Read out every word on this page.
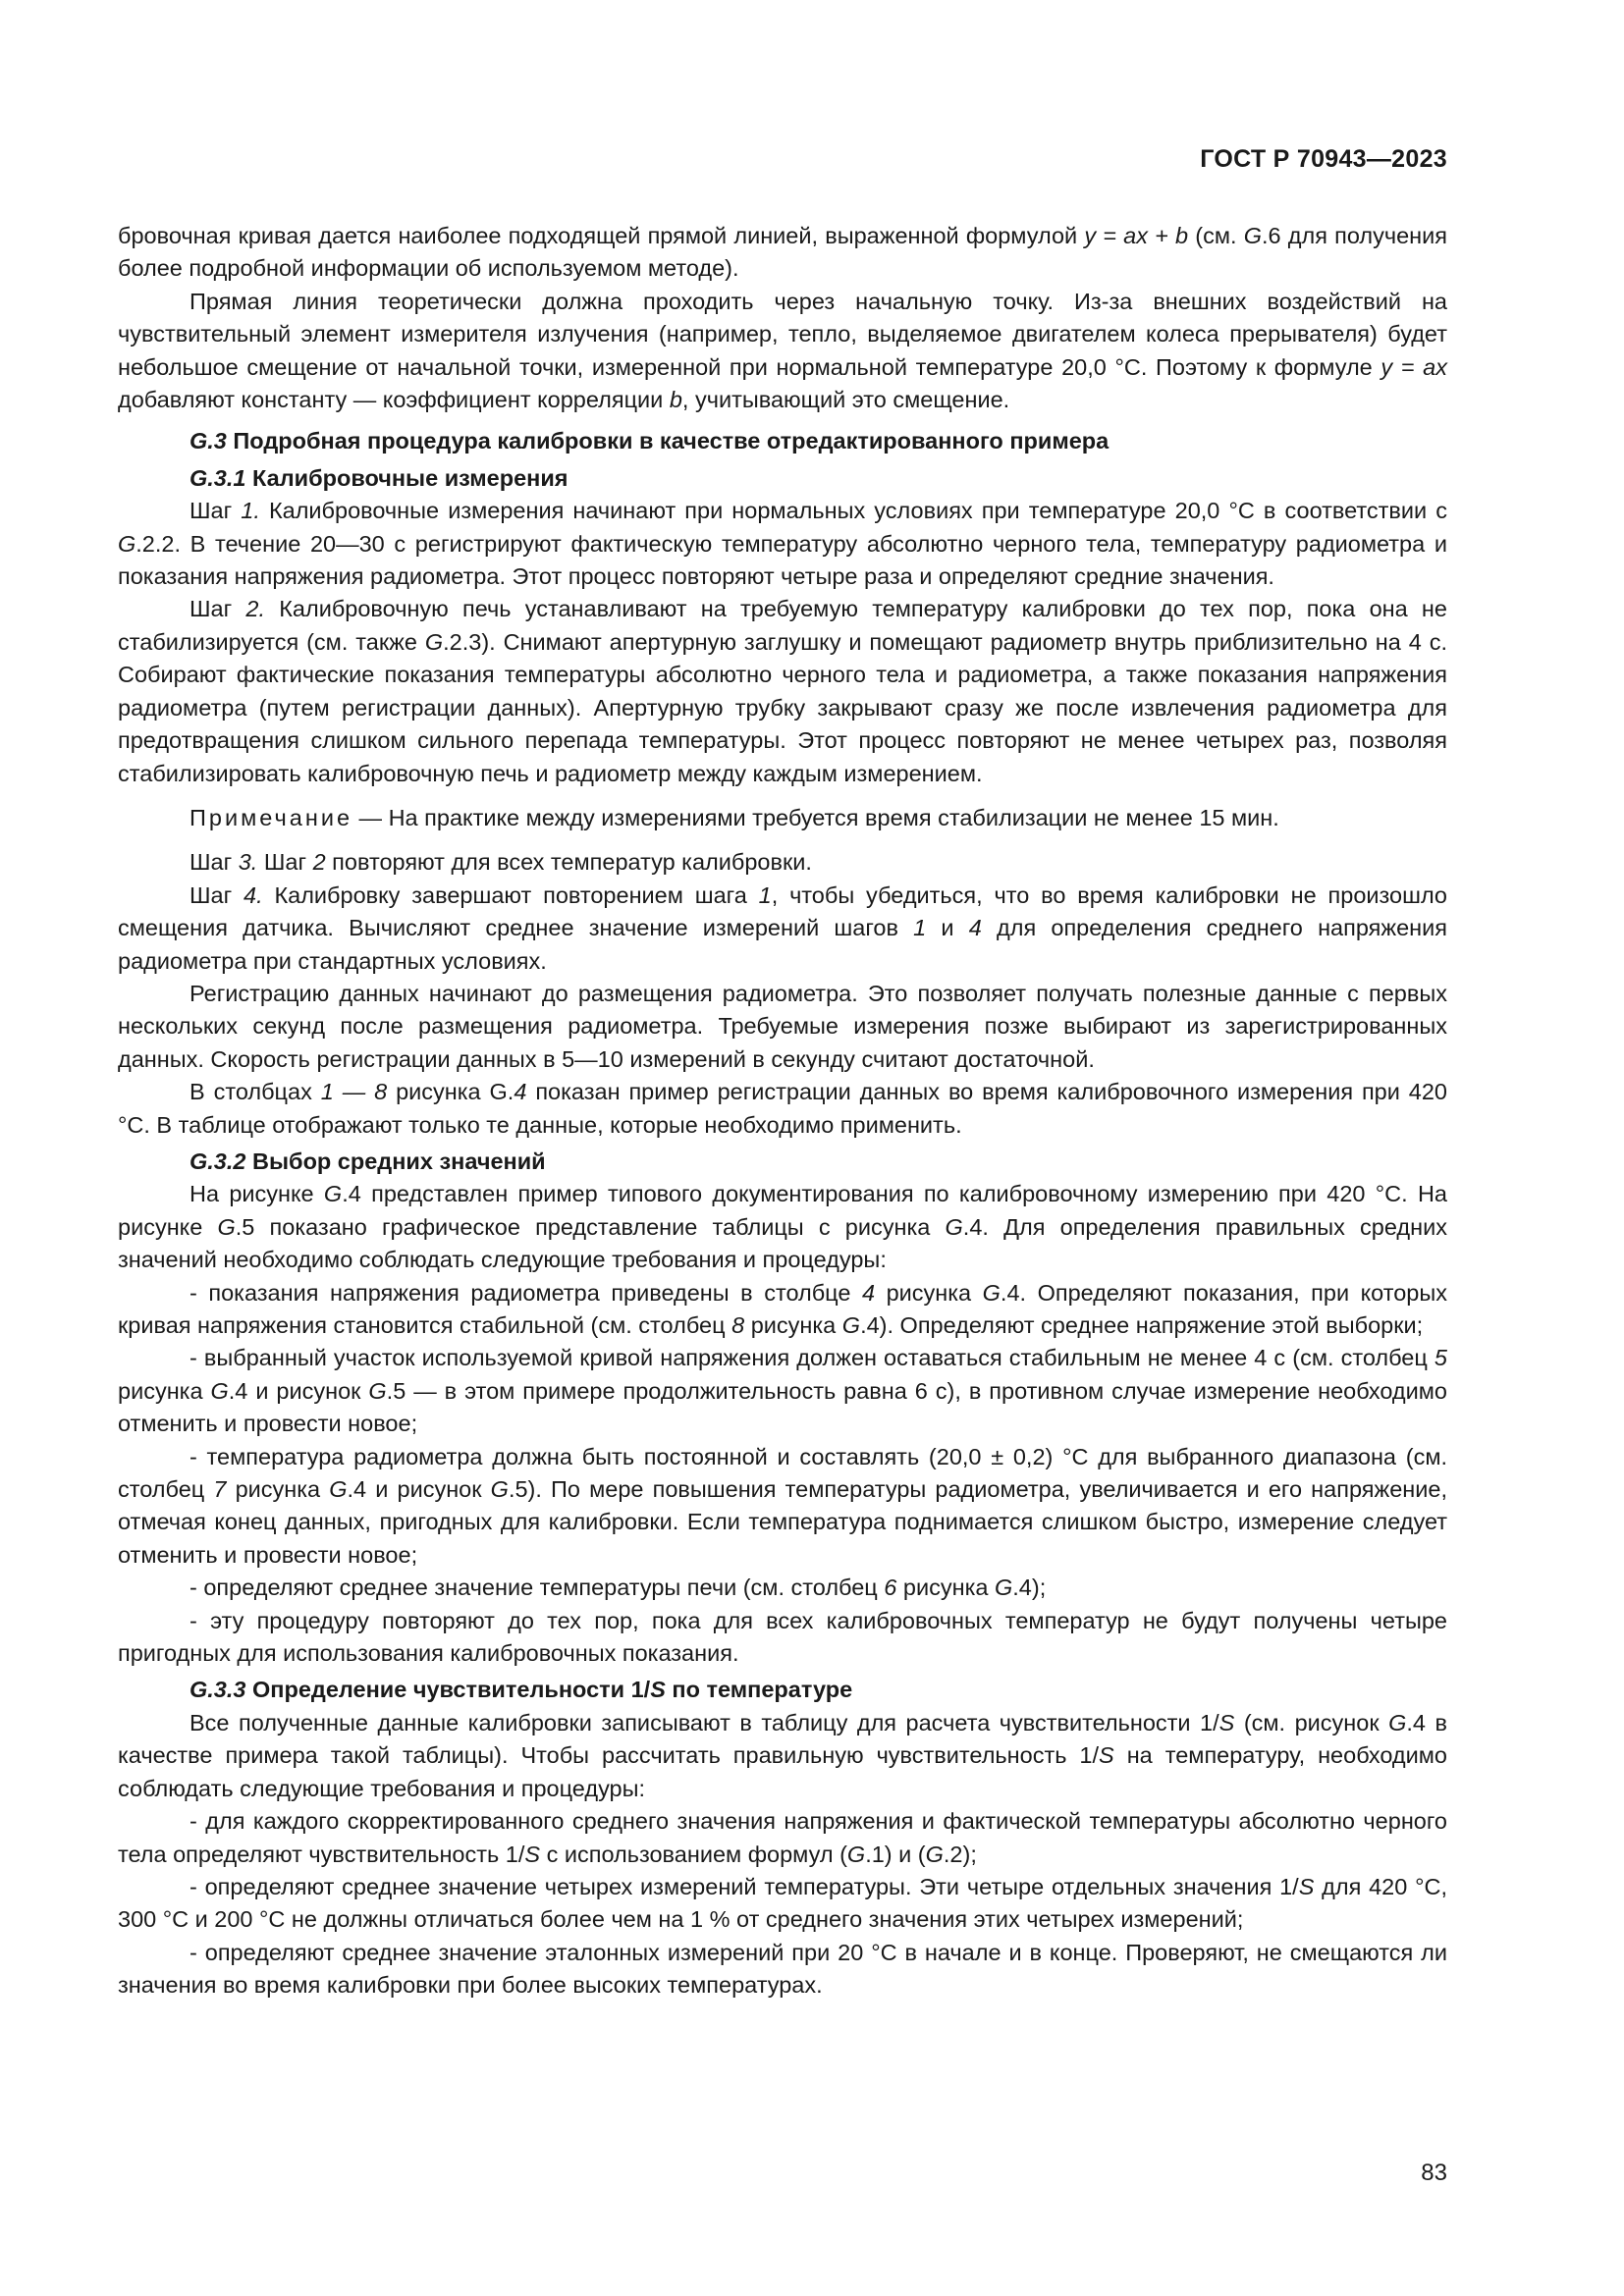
ГОСТ Р 70943—2023

бровочная кривая дается наиболее подходящей прямой линией, выраженной формулой y = ax + b (см. G.6 для получения более подробной информации об используемом методе).

Прямая линия теоретически должна проходить через начальную точку. Из-за внешних воздействий на чувствительный элемент измерителя излучения (например, тепло, выделяемое двигателем колеса прерывателя) будет небольшое смещение от начальной точки, измеренной при нормальной температуре 20,0 °С. Поэтому к формуле y = ax добавляют константу — коэффициент корреляции b, учитывающий это смещение.

G.3 Подробная процедура калибровки в качестве отредактированного примера

G.3.1 Калибровочные измерения

Шаг 1. Калибровочные измерения начинают при нормальных условиях при температуре 20,0 °С в соответствии с G.2.2. В течение 20—30 с регистрируют фактическую температуру абсолютно черного тела, температуру радиометра и показания напряжения радиометра. Этот процесс повторяют четыре раза и определяют средние значения.

Шаг 2. Калибровочную печь устанавливают на требуемую температуру калибровки до тех пор, пока она не стабилизируется (см. также G.2.3). Снимают апертурную заглушку и помещают радиометр внутрь приблизительно на 4 с. Собирают фактические показания температуры абсолютно черного тела и радиометра, а также показания напряжения радиометра (путем регистрации данных). Апертурную трубку закрывают сразу же после извлечения радиометра для предотвращения слишком сильного перепада температуры. Этот процесс повторяют не менее четырех раз, позволяя стабилизировать калибровочную печь и радиометр между каждым измерением.

Примечание — На практике между измерениями требуется время стабилизации не менее 15 мин.

Шаг 3. Шаг 2 повторяют для всех температур калибровки.

Шаг 4. Калибровку завершают повторением шага 1, чтобы убедиться, что во время калибровки не произошло смещения датчика. Вычисляют среднее значение измерений шагов 1 и 4 для определения среднего напряжения радиометра при стандартных условиях.

Регистрацию данных начинают до размещения радиометра. Это позволяет получать полезные данные с первых нескольких секунд после размещения радиометра. Требуемые измерения позже выбирают из зарегистрированных данных. Скорость регистрации данных в 5—10 измерений в секунду считают достаточной.

В столбцах 1 — 8 рисунка G.4 показан пример регистрации данных во время калибровочного измерения при 420 °С. В таблице отображают только те данные, которые необходимо применить.

G.3.2 Выбор средних значений

На рисунке G.4 представлен пример типового документирования по калибровочному измерению при 420 °С. На рисунке G.5 показано графическое представление таблицы с рисунка G.4. Для определения правильных средних значений необходимо соблюдать следующие требования и процедуры:

- показания напряжения радиометра приведены в столбце 4 рисунка G.4. Определяют показания, при которых кривая напряжения становится стабильной (см. столбец 8 рисунка G.4). Определяют среднее напряжение этой выборки;

- выбранный участок используемой кривой напряжения должен оставаться стабильным не менее 4 с (см. столбец 5 рисунка G.4 и рисунок G.5 — в этом примере продолжительность равна 6 с), в противном случае измерение необходимо отменить и провести новое;

- температура радиометра должна быть постоянной и составлять (20,0 ± 0,2) °С для выбранного диапазона (см. столбец 7 рисунка G.4 и рисунок G.5). По мере повышения температуры радиометра, увеличивается и его напряжение, отмечая конец данных, пригодных для калибровки. Если температура поднимается слишком быстро, измерение следует отменить и провести новое;

- определяют среднее значение температуры печи (см. столбец 6 рисунка G.4);

- эту процедуру повторяют до тех пор, пока для всех калибровочных температур не будут получены четыре пригодных для использования калибровочных показания.

G.3.3 Определение чувствительности 1/S по температуре

Все полученные данные калибровки записывают в таблицу для расчета чувствительности 1/S (см. рисунок G.4 в качестве примера такой таблицы). Чтобы рассчитать правильную чувствительность 1/S на температуру, необходимо соблюдать следующие требования и процедуры:

- для каждого скорректированного среднего значения напряжения и фактической температуры абсолютно черного тела определяют чувствительность 1/S с использованием формул (G.1) и (G.2);

- определяют среднее значение четырех измерений температуры. Эти четыре отдельных значения 1/S для 420 °С, 300 °С и 200 °С не должны отличаться более чем на 1 % от среднего значения этих четырех измерений;

- определяют среднее значение эталонных измерений при 20 °С в начале и в конце. Проверяют, не смещаются ли значения во время калибровки при более высоких температурах.

83
